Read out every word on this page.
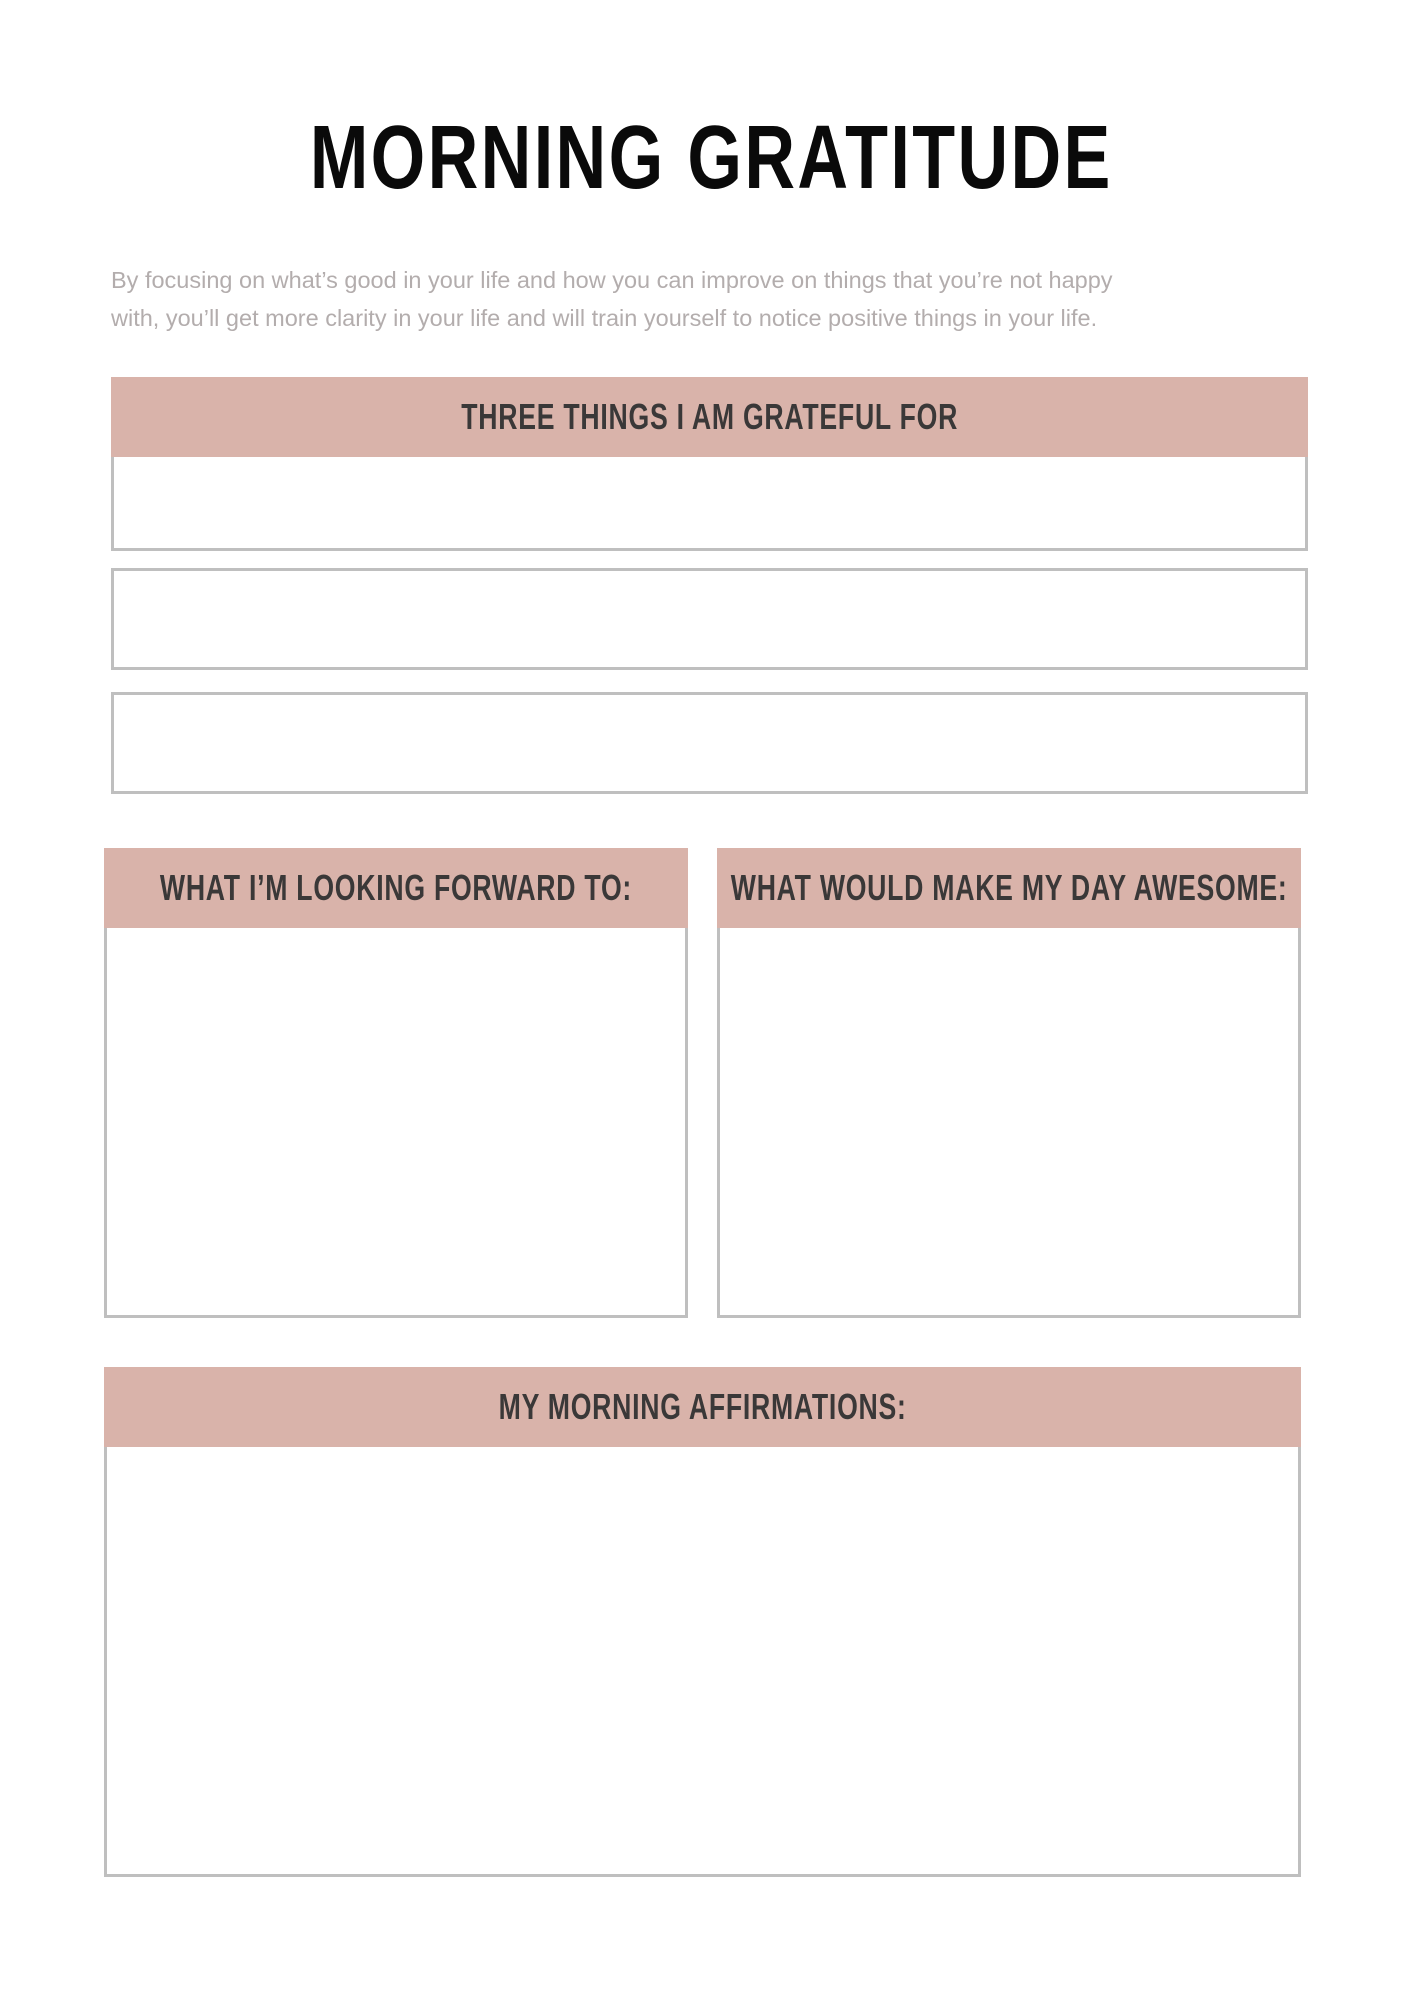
MORNING GRATITUDE

By focusing on what’s good in your life and how you can improve on things that you’re not happy
with, you’ll get more clarity in your life and will train yourself to notice positive things in your life.

THREE THINGS I AM GRATEFUL FOR
WHAT I’M LOOKING FORWARD TO:	WHAT WOULD MAKE MY DAY AWESOME:
MY MORNING AFFIRMATIONS:
